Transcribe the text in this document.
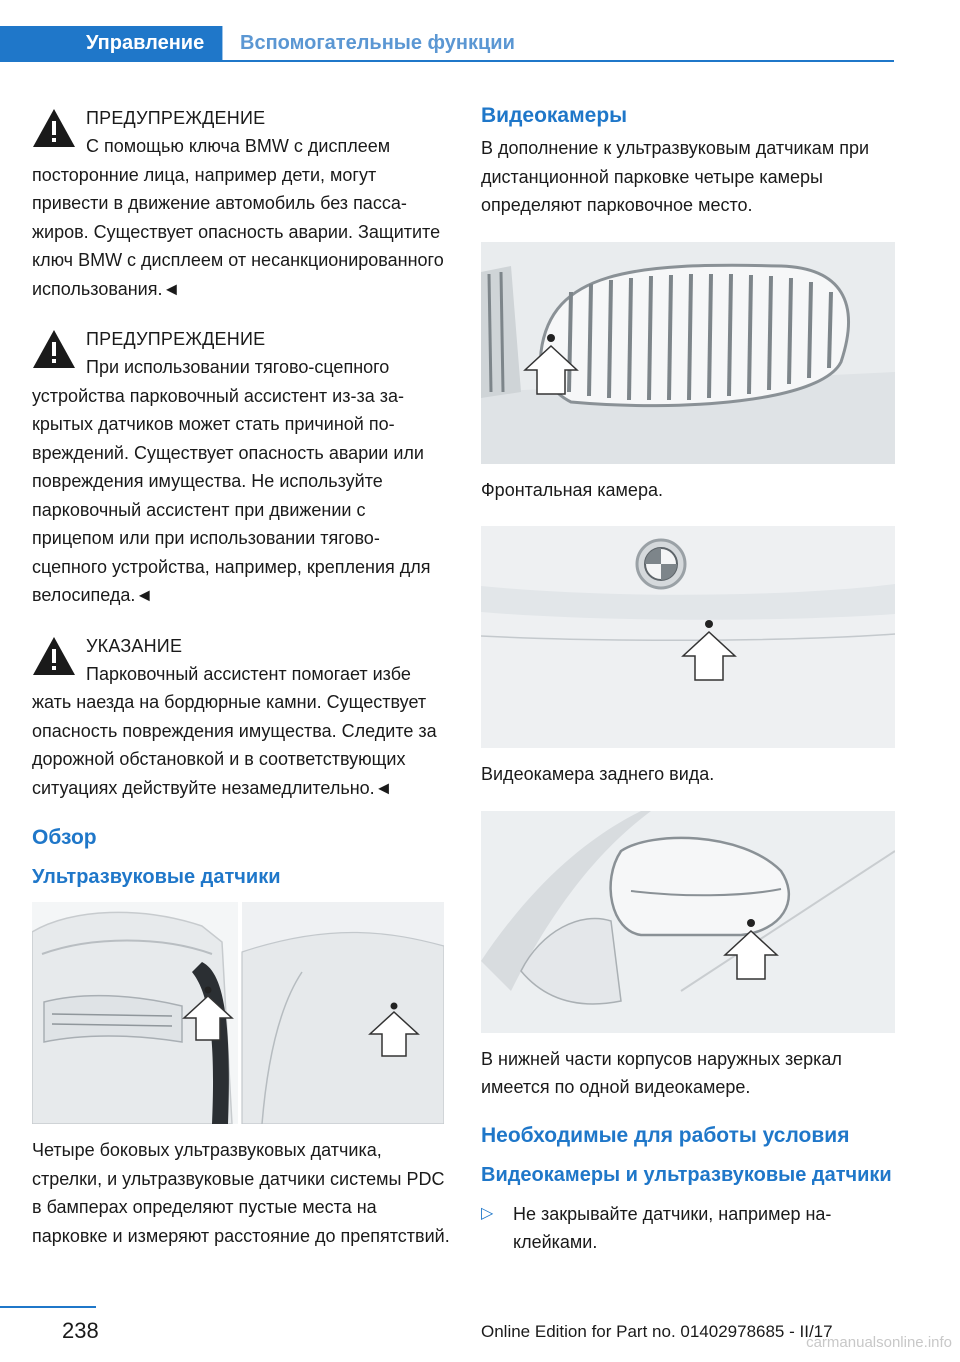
Управление Вспомогательные функции
ПРЕДУПРЕЖДЕНИЕ
С помощью ключа BMW с дисплеем
посторонние лица, например дети, могут привести в движение автомобиль без пассажиров. Существует опасность аварии. Защитите ключ BMW с дисплеем от несанкционированного использования.◄
ПРЕДУПРЕЖДЕНИЕ
При использовании тягово-сцепного
устройства парковочный ассистент из-за закрытых датчиков может стать причиной повреждений. Существует опасность аварии или повреждения имущества. Не используйте парковочный ассистент при движении с прицепом или при использовании тягово-сцепного устройства, например, крепления для велосипеда.◄
УКАЗАНИЕ
Парковочный ассистент помогает избе
жать наезда на бордюрные камни. Существует опасность повреждения имущества. Следите за дорожной обстановкой и в соответствующих ситуациях действуйте незамедлительно.◄
Обзор
Ультразвуковые датчики
Четыре боковых ультразвуковых датчика, стрелки, и ультразвуковые датчики системы PDC в бамперах определяют пустые места на парковке и измеряют расстояние до препятствий.
Видеокамеры
В дополнение к ультразвуковым датчикам при дистанционной парковке четыре камеры определяют парковочное место.
Фронтальная камера.
Видеокамера заднего вида.
В нижней части корпусов наружных зеркал имеется по одной видеокамере.
Необходимые для работы условия
Видеокамеры и ультразвуковые датчики
▷ Не закрывайте датчики, например наклейками.
238	Online Edition for Part no. 01402978685 - II/17
carmanualsonline.info
